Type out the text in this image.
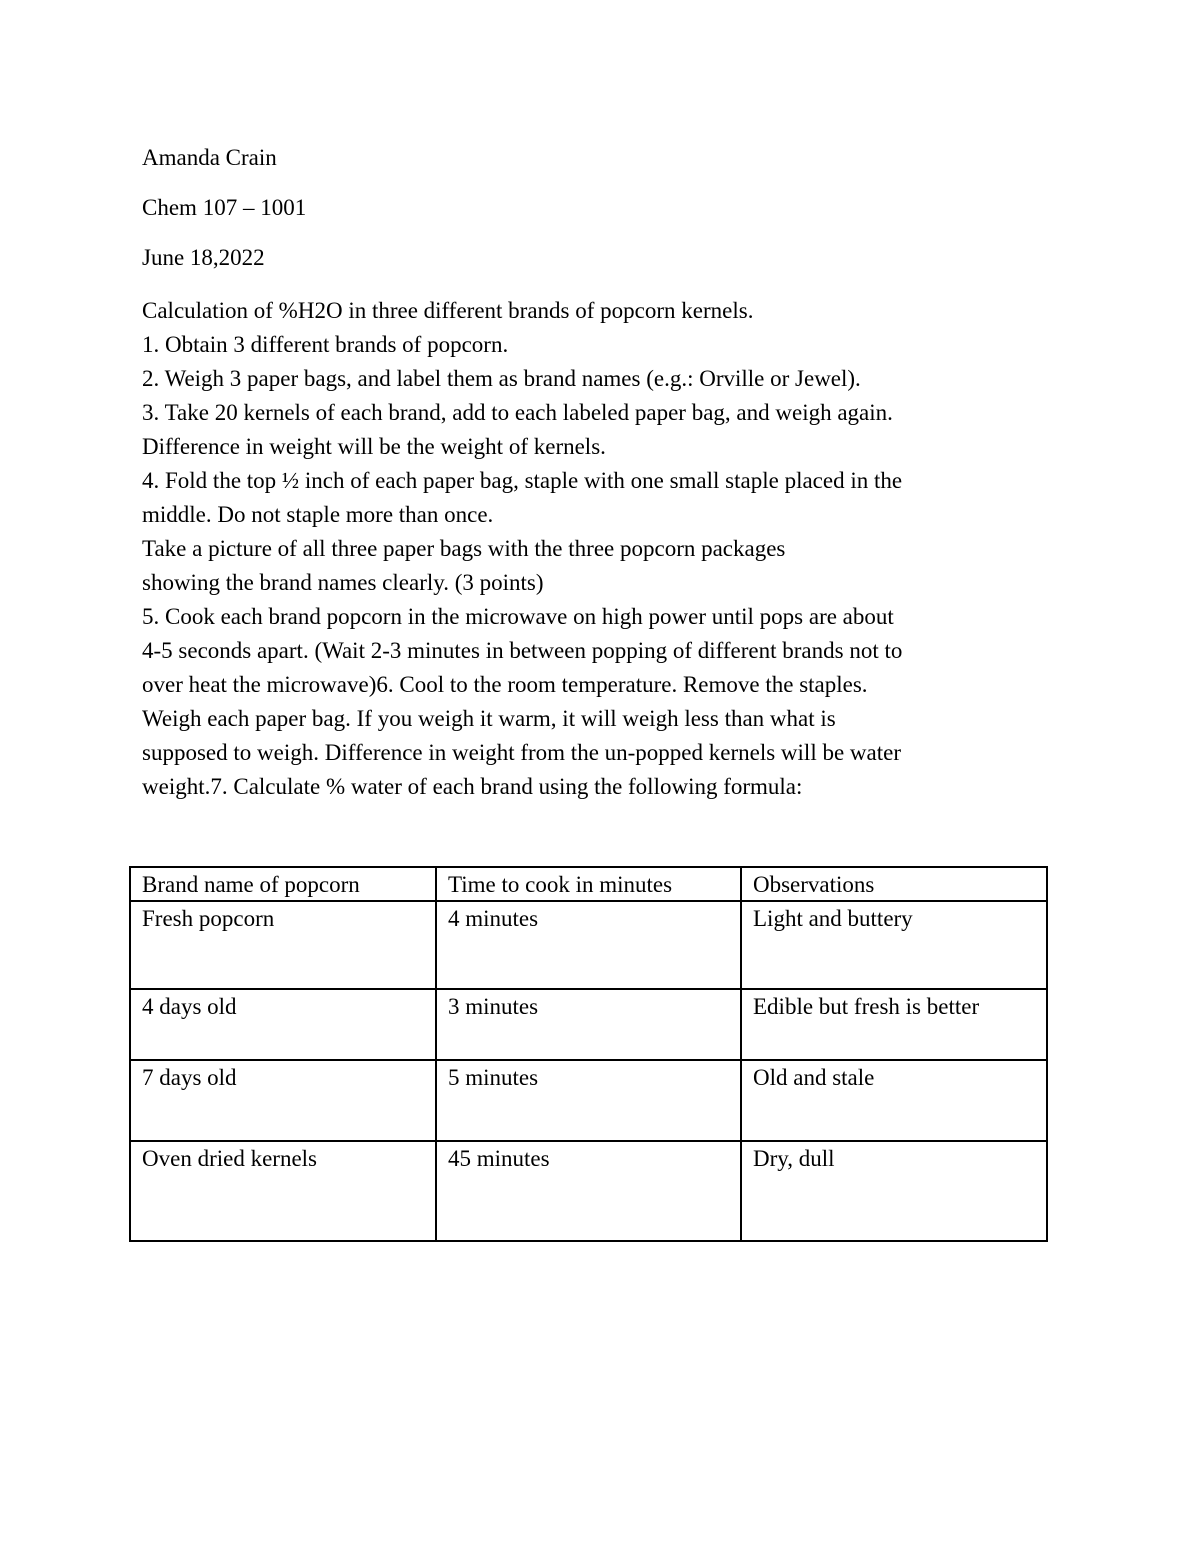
Amanda Crain
Chem 107 – 1001
June 18,2022
Calculation of %H2O in three different brands of popcorn kernels.
1. Obtain 3 different brands of popcorn.
2. Weigh 3 paper bags, and label them as brand names (e.g.: Orville or Jewel).
3. Take 20 kernels of each brand, add to each labeled paper bag, and weigh again.
Difference in weight will be the weight of kernels.
4. Fold the top ½ inch of each paper bag, staple with one small staple placed in the
middle. Do not staple more than once.
Take a picture of all three paper bags with the three popcorn packages
showing the brand names clearly. (3 points)
5. Cook each brand popcorn in the microwave on high power until pops are about
4-5 seconds apart. (Wait 2-3 minutes in between popping of different brands not to
over heat the microwave)6. Cool to the room temperature. Remove the staples.
Weigh each paper bag. If you weigh it warm, it will weigh less than what is
supposed to weigh. Difference in weight from the un-popped kernels will be water
weight.7. Calculate % water of each brand using the following formula:
Brand name of popcorn	Time to cook in minutes	Observations
Fresh popcorn	4 minutes	Light and buttery
4 days old	3 minutes	Edible but fresh is better
7 days old	5 minutes	Old and stale
Oven dried kernels	45 minutes	Dry, dull
